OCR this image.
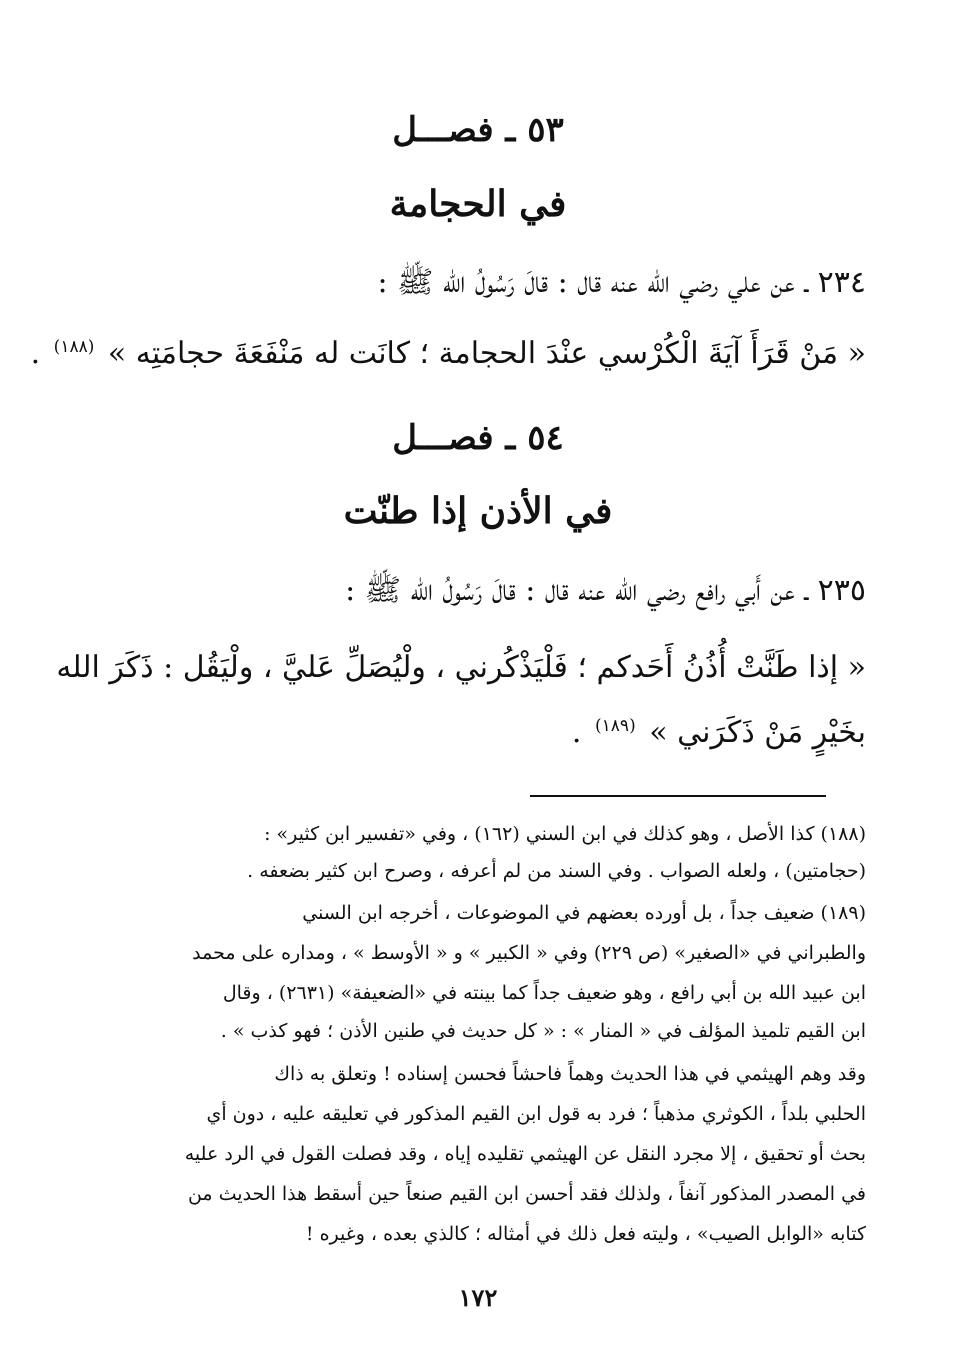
٥٣ ـ فصـــل
في الحجامة
٢٣٤ ـ عن علي رضي الله عنه قال : قالَ رَسُولُ الله ﷺ :
« مَنْ قَرَأَ آيَةَ الْكُرْسي عنْدَ الحجامة ؛ كانَت له مَنْفَعَةَ حجامَتِه » $^{(١٨٨)}$ .
٥٤ ـ فصـــل
في الأذن إذا طنّت
٢٣٥ ـ عن أَبي رافع رضي الله عنه قال : قالَ رَسُولُ الله ﷺ :
« إذا طَنَّتْ أُذُنُ أَحَدكم ؛ فَلْيَذْكُرني ، ولْيُصَلِّ عَليَّ ، ولْيَقُل : ذَكَرَ الله
بخَيْرٍ مَنْ ذَكَرَني » $^{(١٨٩)}$ .
(١٨٨) كذا الأصل ، وهو كذلك في ابن السني (١٦٢) ، وفي «تفسير ابن كثير» :
(حجامتين) ، ولعله الصواب . وفي السند من لم أعرفه ، وصرح ابن كثير بضعفه .
(١٨٩) ضعيف جداً ، بل أورده بعضهم في الموضوعات ، أخرجه ابن السني
والطبراني في «الصغير» (ص ٢٢٩) وفي « الكبير » و « الأوسط » ، ومداره على محمد
ابن عبيد الله بن أبي رافع ، وهو ضعيف جداً كما بينته في «الضعيفة» (٢٦٣١) ، وقال
ابن القيم تلميذ المؤلف في « المنار » : « كل حديث في طنين الأذن ؛ فهو كذب » .
وقد وهم الهيثمي في هذا الحديث وهماً فاحشاً فحسن إسناده ! وتعلق به ذاك
الحلبي بلداً ، الكوثري مذهباً ؛ فرد به قول ابن القيم المذكور في تعليقه عليه ، دون أي
بحث أو تحقيق ، إلا مجرد النقل عن الهيثمي تقليده إياه ، وقد فصلت القول في الرد عليه
في المصدر المذكور آنفاً ، ولذلك فقد أحسن ابن القيم صنعاً حين أسقط هذا الحديث من
كتابه «الوابل الصيب» ، وليته فعل ذلك في أمثاله ؛ كالذي بعده ، وغيره !
١٧٢
